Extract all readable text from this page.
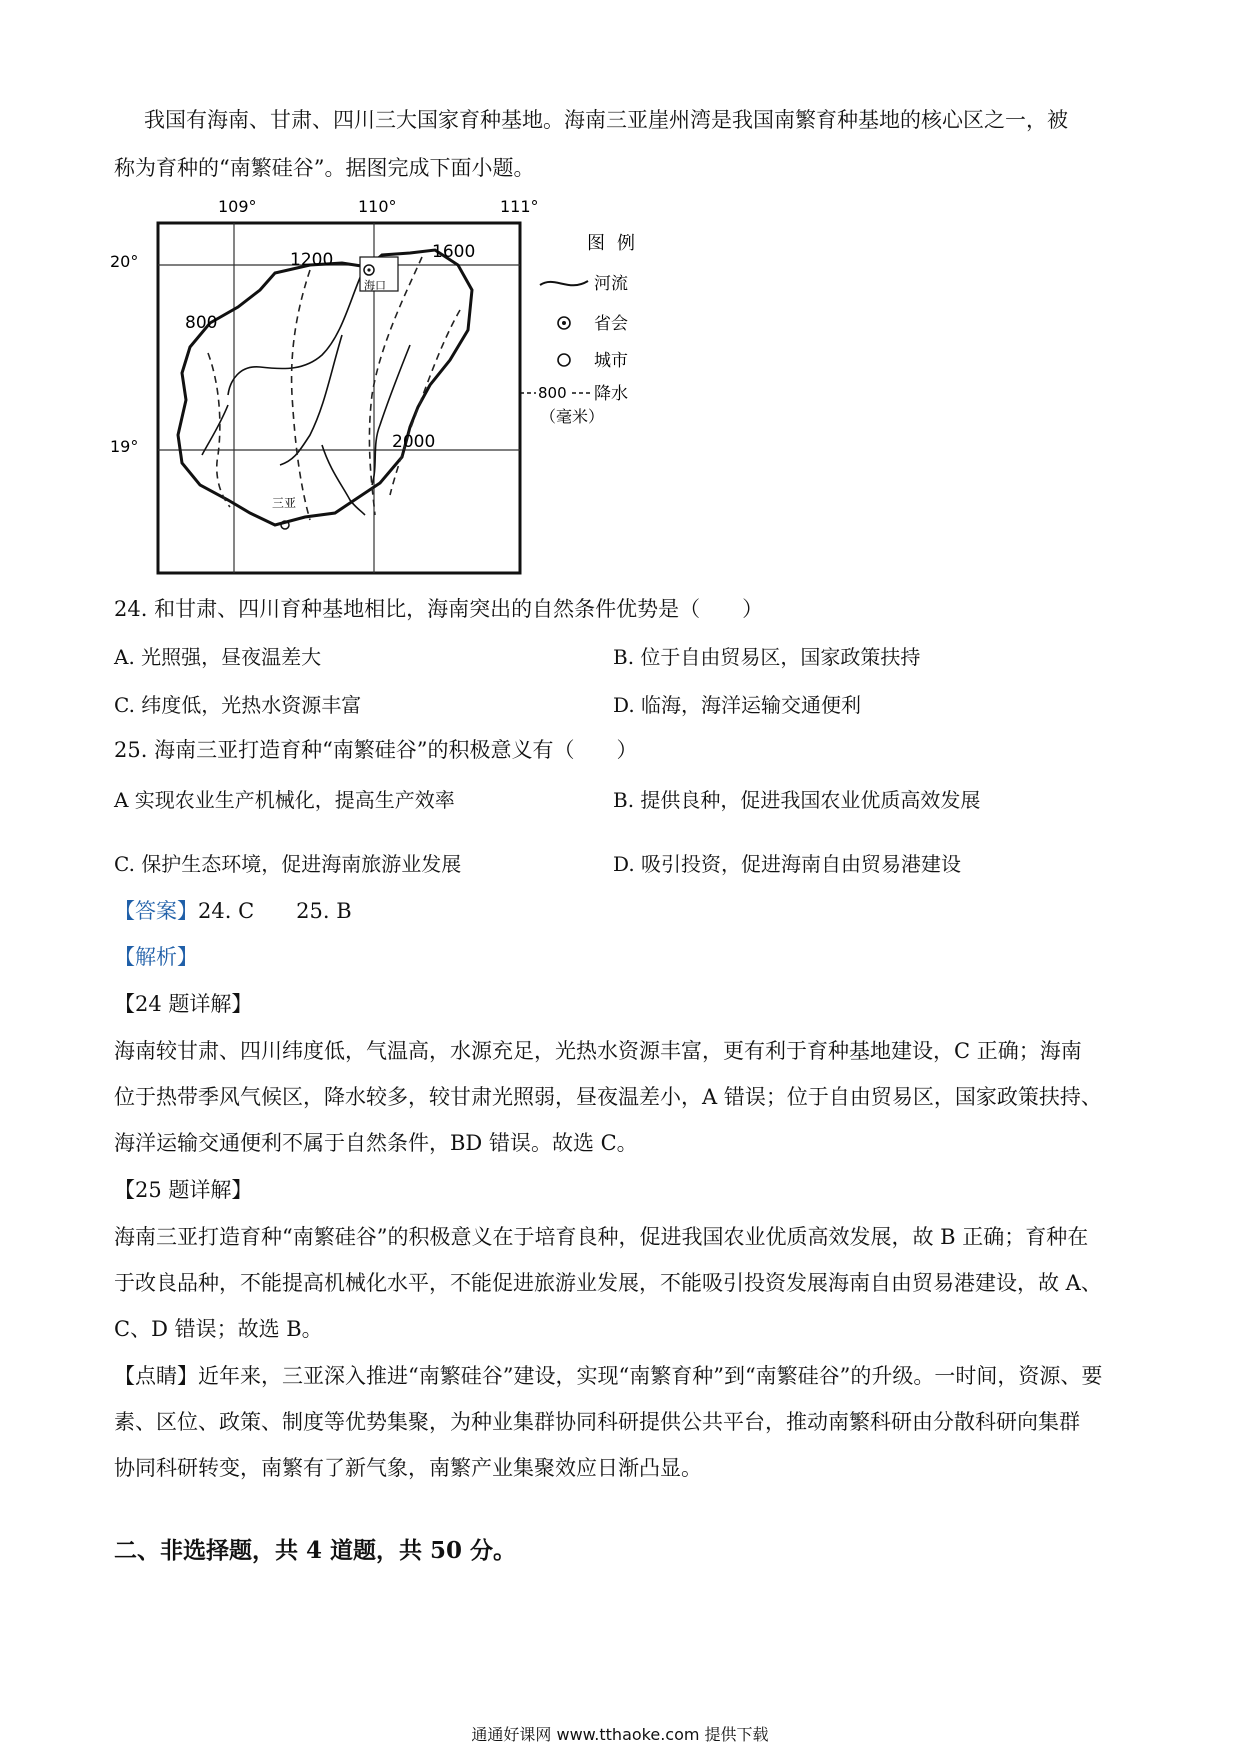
我国有海南、甘肃、四川三大国家育种基地。海南三亚崖州湾是我国南繁育种基地的核心区之一，被
称为育种的“南繁硅谷”。据图完成下面小题。
109°	110°	111°
20°
19°
1200	1600
800
2000
海口
三亚
图例
河流
省会
城市
800 降水
（毫米）
24. 和甘肃、四川育种基地相比，海南突出的自然条件优势是（　　）
A. 光照强，昼夜温差大	B. 位于自由贸易区，国家政策扶持
C. 纬度低，光热水资源丰富	D. 临海，海洋运输交通便利
25. 海南三亚打造育种“南繁硅谷”的积极意义有（　　）
A 实现农业生产机械化，提高生产效率	B. 提供良种，促进我国农业优质高效发展
C. 保护生态环境，促进海南旅游业发展	D. 吸引投资，促进海南自由贸易港建设
【答案】24. C　　25. B
【解析】
【24 题详解】
海南较甘肃、四川纬度低，气温高，水源充足，光热水资源丰富，更有利于育种基地建设，C 正确；海南
位于热带季风气候区，降水较多，较甘肃光照弱，昼夜温差小，A 错误；位于自由贸易区，国家政策扶持、
海洋运输交通便利不属于自然条件，BD 错误。故选 C。
【25 题详解】
海南三亚打造育种“南繁硅谷”的积极意义在于培育良种，促进我国农业优质高效发展，故 B 正确；育种在
于改良品种，不能提高机械化水平，不能促进旅游业发展，不能吸引投资发展海南自由贸易港建设，故 A、
C、D 错误；故选 B。
【点睛】近年来，三亚深入推进“南繁硅谷”建设，实现“南繁育种”到“南繁硅谷”的升级。一时间，资源、要
素、区位、政策、制度等优势集聚，为种业集群协同科研提供公共平台，推动南繁科研由分散科研向集群
协同科研转变，南繁有了新气象，南繁产业集聚效应日渐凸显。
二、非选择题，共 4 道题，共 50 分。
通通好课网 www.tthaoke.com 提供下载
